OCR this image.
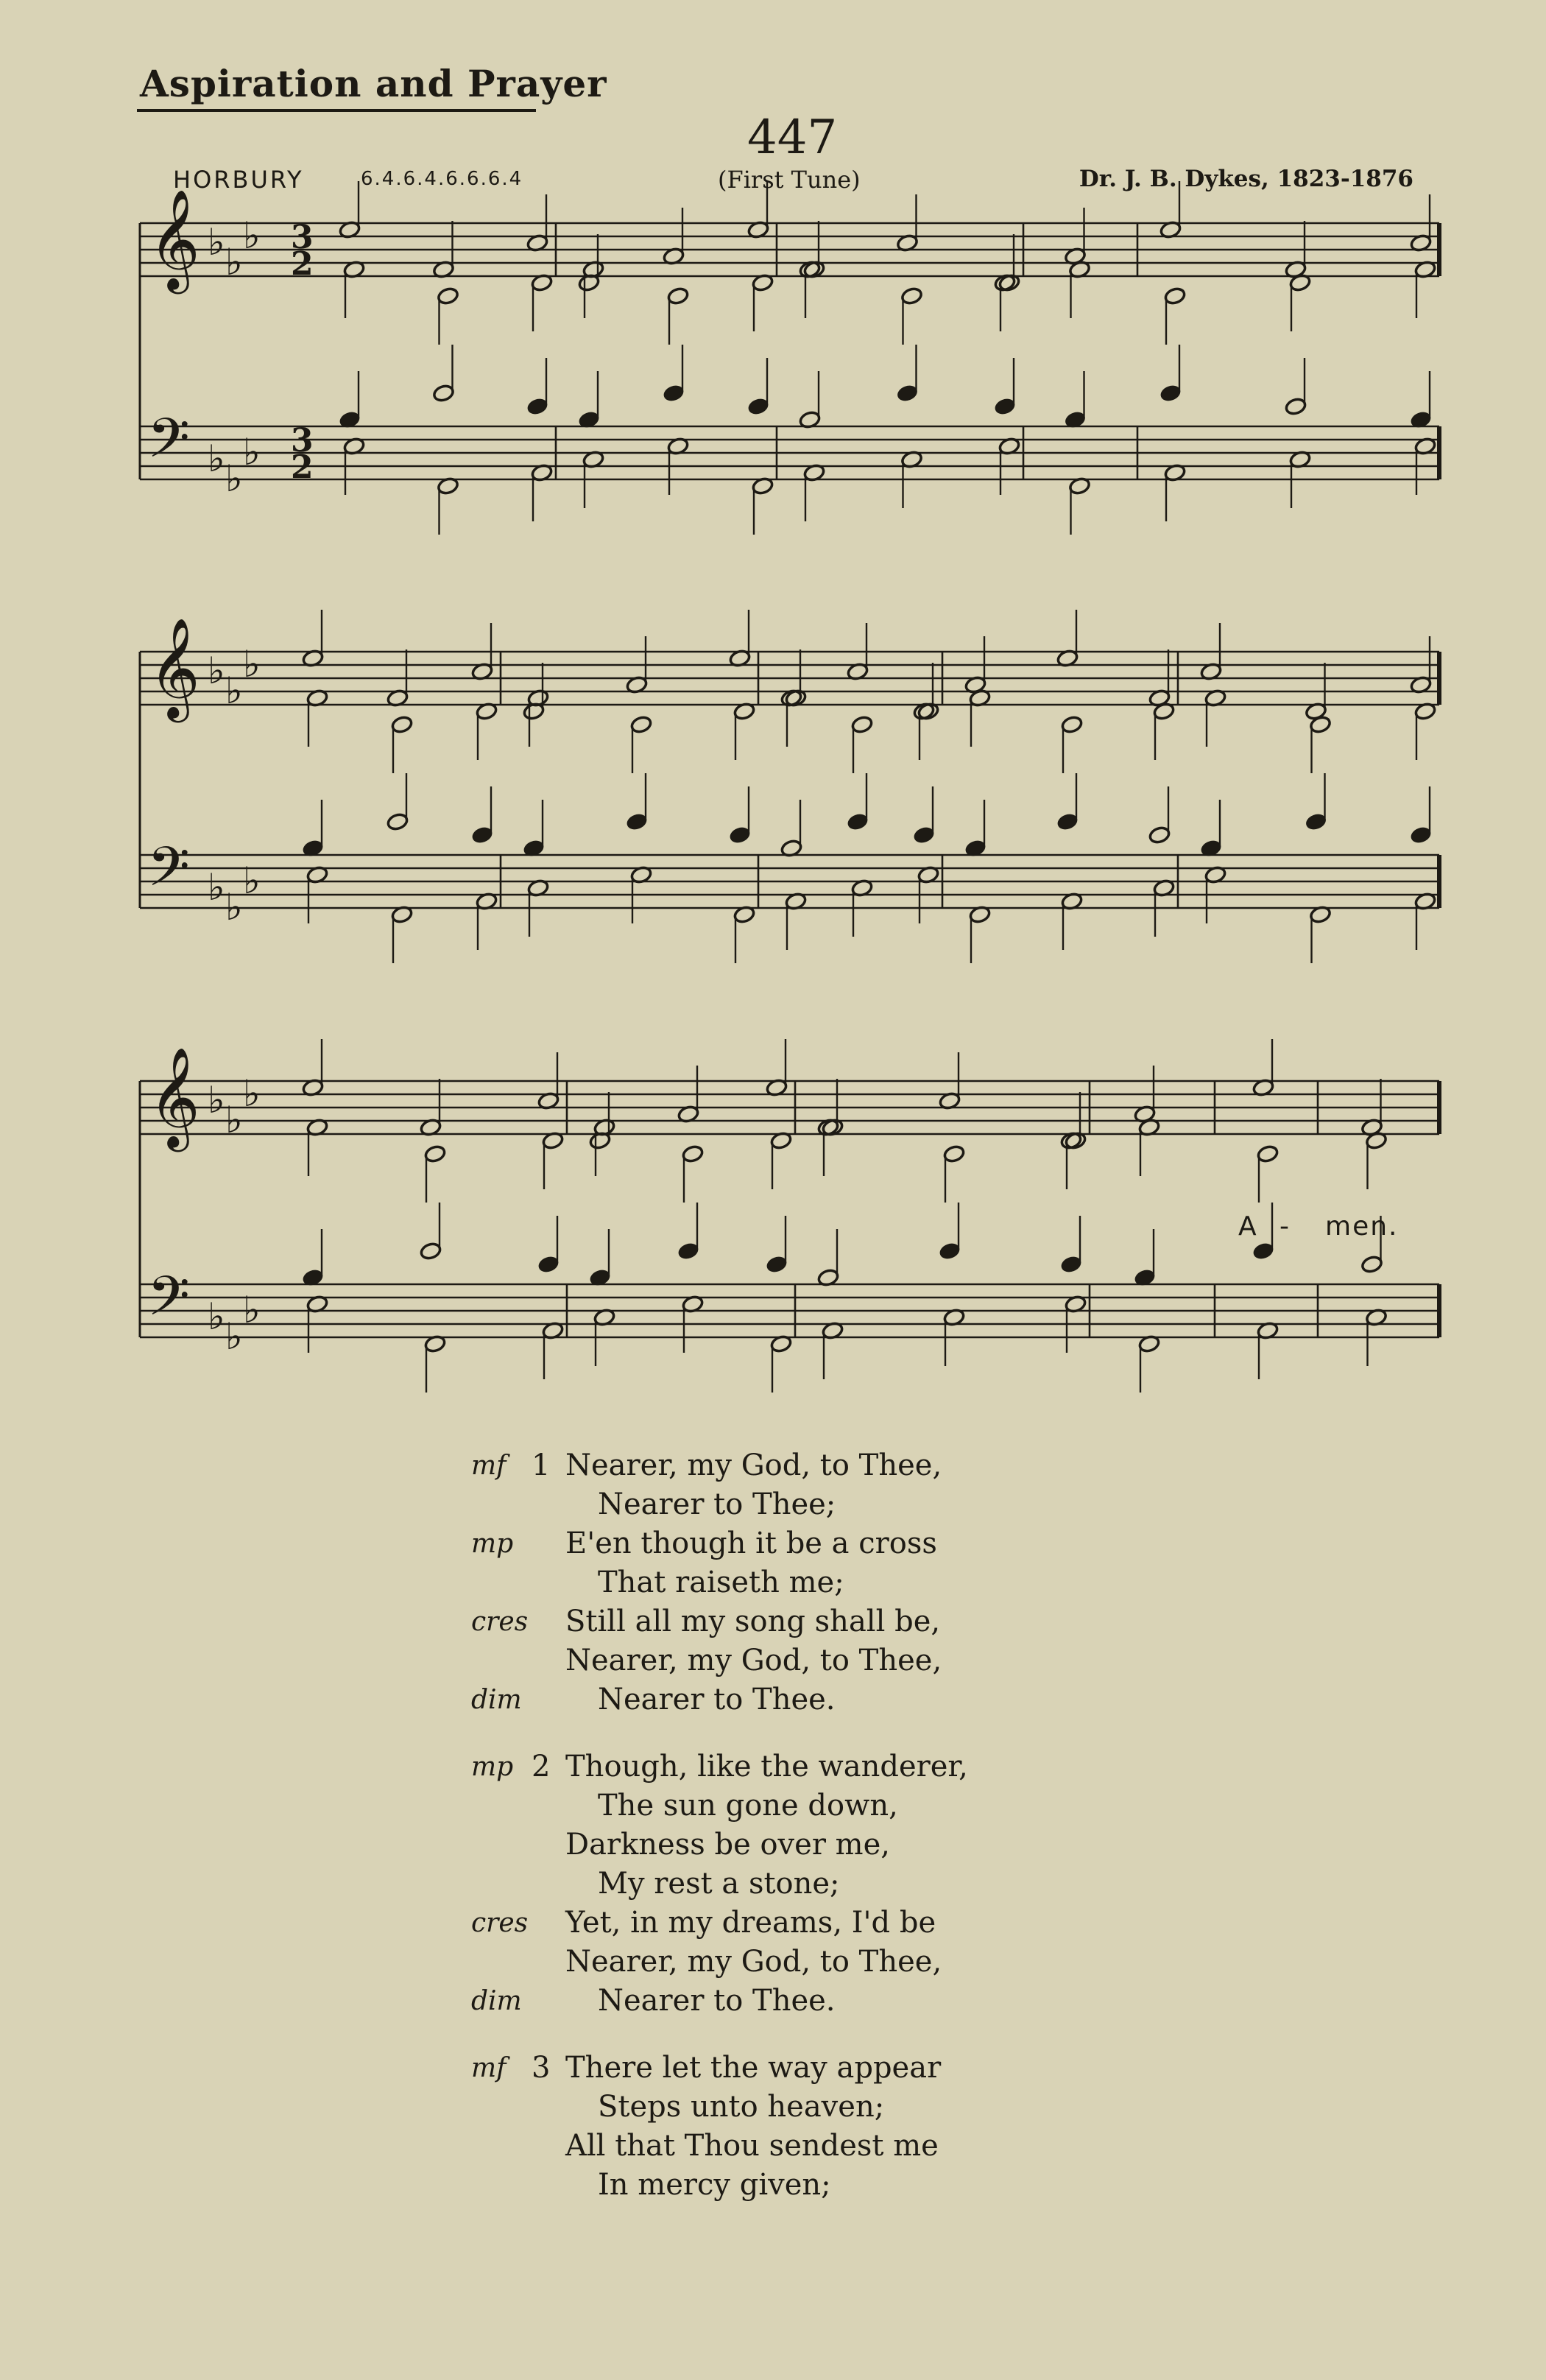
Aspiration and Prayer
447
HORBURY	6.4.6.4.6.6.6.4	(First Tune)	Dr. J. B. Dykes, 1823-1876
𝄞
𝄢
♭ ♭
♭
♭ ♭
♭
3
2
3
2
𝄞
𝄢
♭ ♭
♭
♭ ♭
♭
𝄞
𝄢
♭ ♭
♭
♭ ♭
♭
A - men.
1
mf Nearer, my God, to Thee,
Nearer to Thee;
mp E'en though it be a cross
That raiseth me;
cres Still all my song shall be,
Nearer, my God, to Thee,
dim	Nearer to Thee.
2
mp Though, like the wanderer,
The sun gone down,
Darkness be over me,
My rest a stone;
cres Yet, in my dreams, I'd be
Nearer, my God, to Thee,
dim	Nearer to Thee.
3
mf There let the way appear
Steps unto heaven;
All that Thou sendest me
In mercy given;
